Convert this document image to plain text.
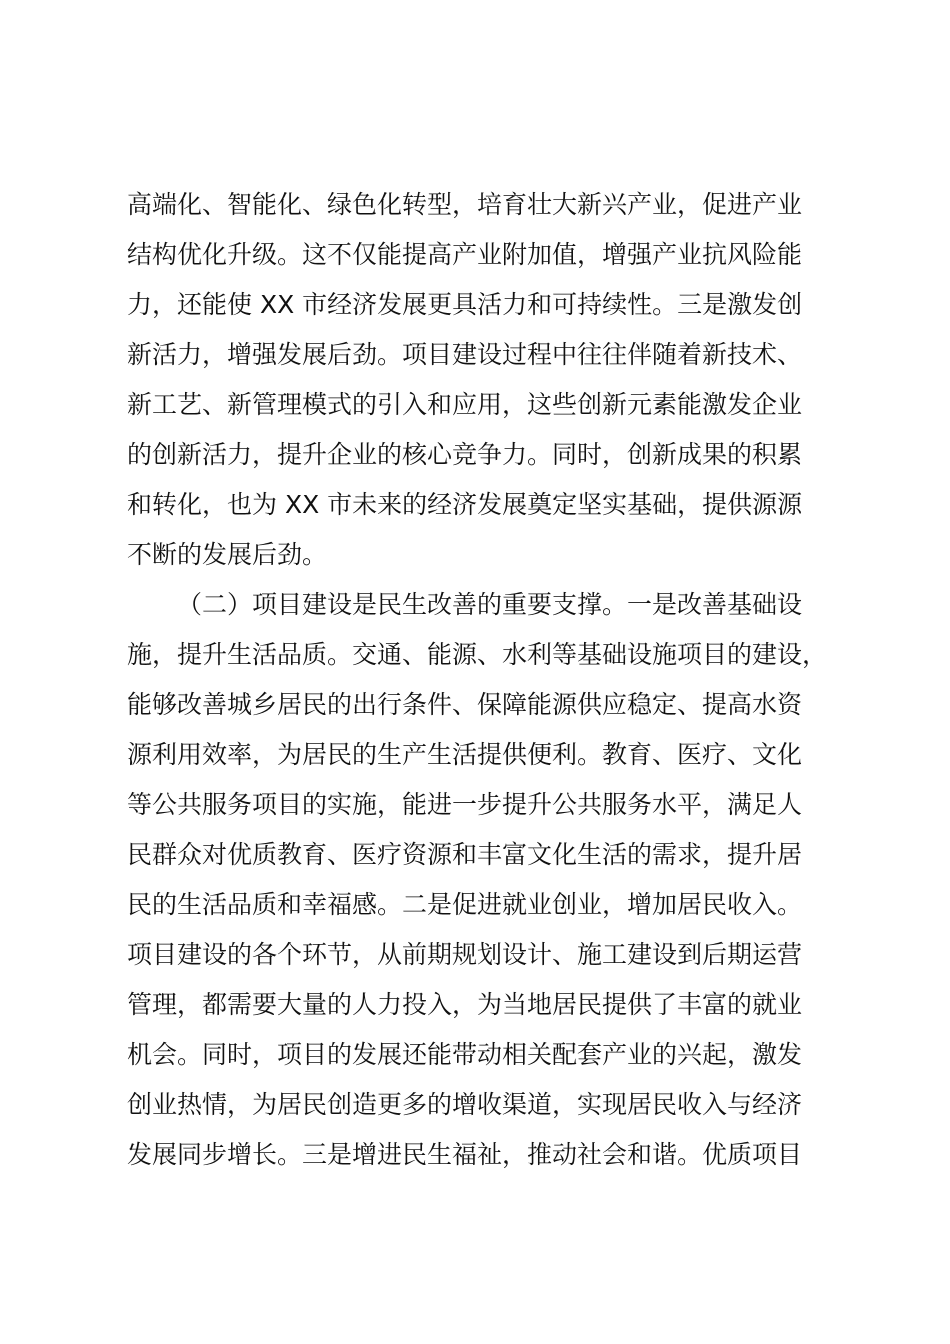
高端化、智能化、绿色化转型，培育壮大新兴产业，促进产业
结构优化升级。这不仅能提高产业附加值，增强产业抗风险能
力，还能使 XX 市经济发展更具活力和可持续性。三是激发创
新活力，增强发展后劲。项目建设过程中往往伴随着新技术、
新工艺、新管理模式的引入和应用，这些创新元素能激发企业
的创新活力，提升企业的核心竞争力。同时，创新成果的积累
和转化，也为 XX 市未来的经济发展奠定坚实基础，提供源源
不断的发展后劲。
（二）项目建设是民生改善的重要支撑。一是改善基础设
施，提升生活品质。交通、能源、水利等基础设施项目的建设，
能够改善城乡居民的出行条件、保障能源供应稳定、提高水资
源利用效率，为居民的生产生活提供便利。教育、医疗、文化
等公共服务项目的实施，能进一步提升公共服务水平，满足人
民群众对优质教育、医疗资源和丰富文化生活的需求，提升居
民的生活品质和幸福感。二是促进就业创业，增加居民收入。
项目建设的各个环节，从前期规划设计、施工建设到后期运营
管理，都需要大量的人力投入，为当地居民提供了丰富的就业
机会。同时，项目的发展还能带动相关配套产业的兴起，激发
创业热情，为居民创造更多的增收渠道，实现居民收入与经济
发展同步增长。三是增进民生福祉，推动社会和谐。优质项目
